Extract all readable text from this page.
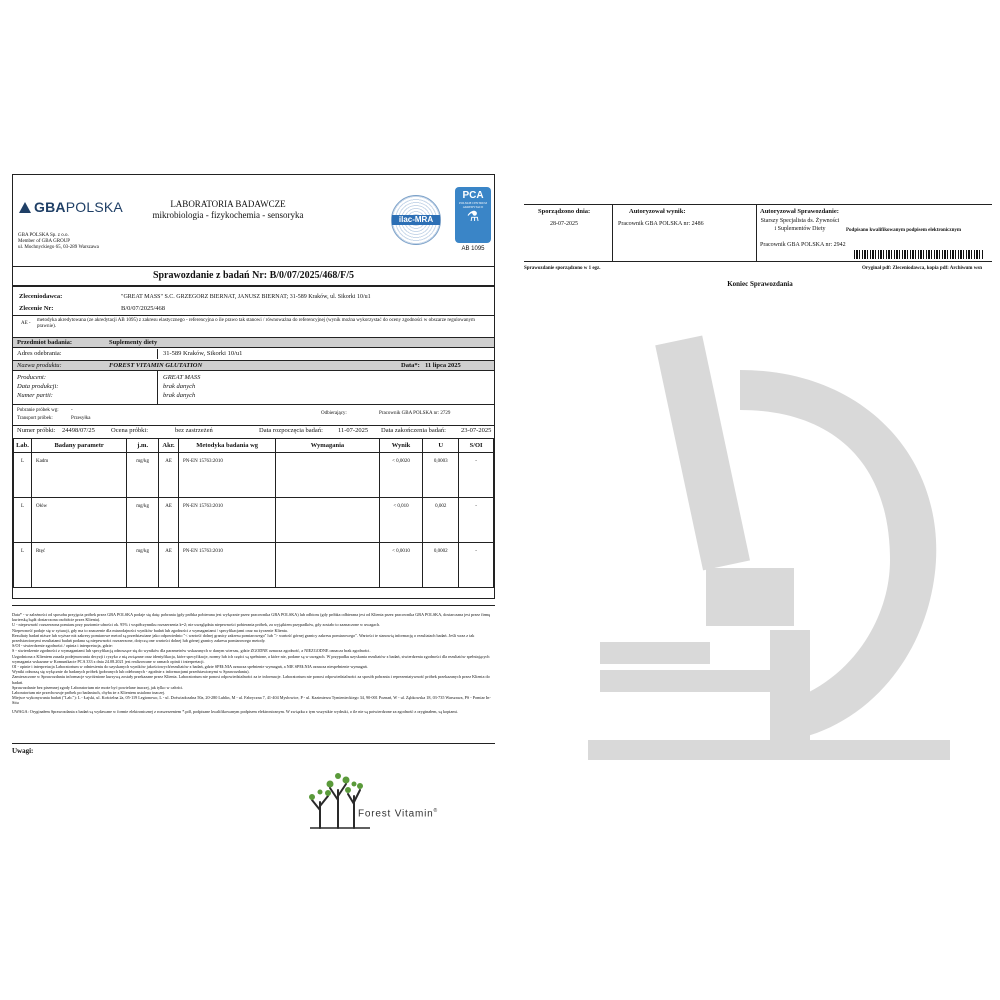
GBAPOLSKA
GBA POLSKA Sp. z o.o.
Member of GBA GROUP
ul. Mochnyckiego 65, 03-289 Warszawa
LABORATORIA BADAWCZE
mikrobiologia - fizykochemia - sensoryka	ilac-MRA
PCA
POLSKIE CENTRUM AKREDYTACJI
⚗
AB 1095
Sprawozdanie z badań Nr: B/0/07/2025/468/F/5
Zleceniodawca:	"GREAT MASS" S.C. GRZEGORZ BIERNAT, JANUSZ BIERNAT; 31-589 Kraków, ul. Sikorki 10/u1
Zlecenie Nr:	B/0/07/2025/468
AE -
metodyka akredytowana (ze akredytacji AB 1095) z zakresu elastycznego - referencyjna o ile prawo tak stanowi / równoważna do referencyjnej (wynik można wykorzystać do oceny zgodności w obszarze regulowanym prawnie).
Przedmiot badania:	Suplementy diety
Adres odebrania:	31-589 Kraków, Sikorki 10/u1
Nazwa produktu:	FOREST VITAMIN GLUTATION	Data*: 11 lipca 2025
Producent:	GREAT MASS
Data produkcji:	brak danych
Numer partii:	brak danych
Pobranie próbek wg: -
Transport próbek:	Przesyłka
Odbierający:	Pracownik GBA POLSKA nr: 2729
Numer próbki: 24498/07/25 Ocena próbki:	bez zastrzeżeń	Data rozpoczęcia badań: 11-07-2025 Data zakończenia badań: 23-07-2025
Lab.	Badany parametr	j.m.	Akr.	Metodyka badania wg	Wymagania	Wynik	U	S/OI
L	Kadm	mg/kg	AE	PN-EN 15763:2010		< 0,0020	0,0003	-
L	Ołów	mg/kg	AE	PN-EN 15763:2010		< 0,010	0,002	-
L	Rtęć	mg/kg	AE	PN-EN 15763:2010		< 0,0010	0,0002	-
Data* - w zależności od sposobu przyjęcia próbek przez GBA POLSKA podaje się datę: pobrania (gdy próbka pobierana jest wyłącznie przez pracownika GBA POLSKA) lub odbioru (gdy próbka odbierana jest od Klienta przez pracownika GBA POLSKA, dostarczana jest przez firmę kurierską bądź dostarczona osobiście przez Klienta).
U - niepewność rozszerzona pomiaru przy poziomie ufności ok. 95% i współczynniku rozszerzenia k=2; nie uwzględnia niepewności pobierania próbek, za wyjątkiem przypadków, gdy zostało to zaznaczone w uwagach.
Niepewność podaje się w sytuacji, gdy ma to znaczenie dla miarodajności wyników badań lub zgodności z wymaganiami / specyfikacjami oraz na życzenie Klienta.
Rezultaty badań niższe lub wyższe niż zakresy pomiarowe metod są przedstawiane jako odpowiednio "< wartość dolnej granicy zakresu pomiarowego" lub "> wartość górnej granicy zakresu pomiarowego". Wartości te stanowią informację o rezultatach badań. Jeśli wraz z tak przedstawionymi rezultatami badań podana są niepewności rozszerzone, dotyczą one wartości dolnej lub górnej granicy zakresu pomiarowego metody.
S/OI - stwierdzenie zgodności / opinia i interpretacja, gdzie:
S - stwierdzenie zgodności z wymaganiami lub specyfikacją odnoszące się do wyników dla parametrów wskazanych w danym wierszu, gdzie ZGODNE oznacza zgodność, a NIEZGODNE oznacza brak zgodności.
Uzgodniona z Klientem zasada podejmowania decyzji i ryzyko z nią związane oraz identyfikacja, które specyfikacje, normy lub ich części są spełnione, a które nie, podane są w uwagach. W przypadku uzyskania rezultatów z badań, stwierdzenia zgodności dla rezultatów spełniających wymagania wskazane w Komunikacie PCA 333 z dnia 24.08.2021 jest realizowane w ramach opinii i interpretacji.
OI - opinie i interpretacja Laboratorium w odniesieniu do uzyskanych wyników jakościowych/rezultatów z badań, gdzie SPEŁNIA oznacza spełnienie wymagań, a NIE SPEŁNIA oznacza niespełnienie wymagań.
Wyniki odnoszą się wyłącznie do badanych próbek (pobranych lub odebranych - zgodnie z informacjami przedstawionymi w Sprawozdaniu).
Zamieszczone w Sprawozdaniu informacje wyróżnione kursywą zostały przekazane przez Klienta. Laboratorium nie ponosi odpowiedzialności za te informacje. Laboratorium nie ponosi odpowiedzialności za sposób pobrania i reprezentatywność próbek przekazanych przez Klienta do badań.
Sprawozdanie bez pisemnej zgody Laboratorium nie może być powielane inaczej, jak tylko w całości.
Laboratorium nie przechowuje próbek po badaniach, chyba że z Klientem ustalono inaczej.
Miejsce wykonywania badań ("Lab."): L - Łajski, ul. Kościelna 2a, 05-119 Legionowo, L - ul. Doświadczalna 50a, 20-280 Lublin, M - ul. Fabryczna 7, 41-404 Mysłowice, P - ul. Kazimierza Tymienieckiego 34, 90-001 Poznań, W - ul. Ząbkowska 18, 03-735 Warszawa, PS - Pomiar In-Situ
UWAGA: Oryginałem Sprawozdania z badań są wydawane w formie elektronicznej z rozszerzeniem *.pdf, podpisane kwalifikowanym podpisem elektronicznym. W związku z tym wszystkie wydruki, o ile nie są potwierdzone za zgodność z oryginałem, są kopiami.
Uwagi:
Forest Vitamin®
Sporządzono dnia:
28-07-2025
Autoryzował wynik:
Pracownik GBA POLSKA nr: 2486
Autoryzował Sprawozdanie:
Starszy Specjalista ds. Żywności i Suplementów Diety
Pracownik GBA POLSKA nr: 2942
Podpisano kwalifikowanym podpisem elektronicznym
Sprawozdanie sporządzono w 1 egz.	Oryginał pdf: Zleceniodawca, kopia pdf: Archiwum wsn
Koniec Sprawozdania
